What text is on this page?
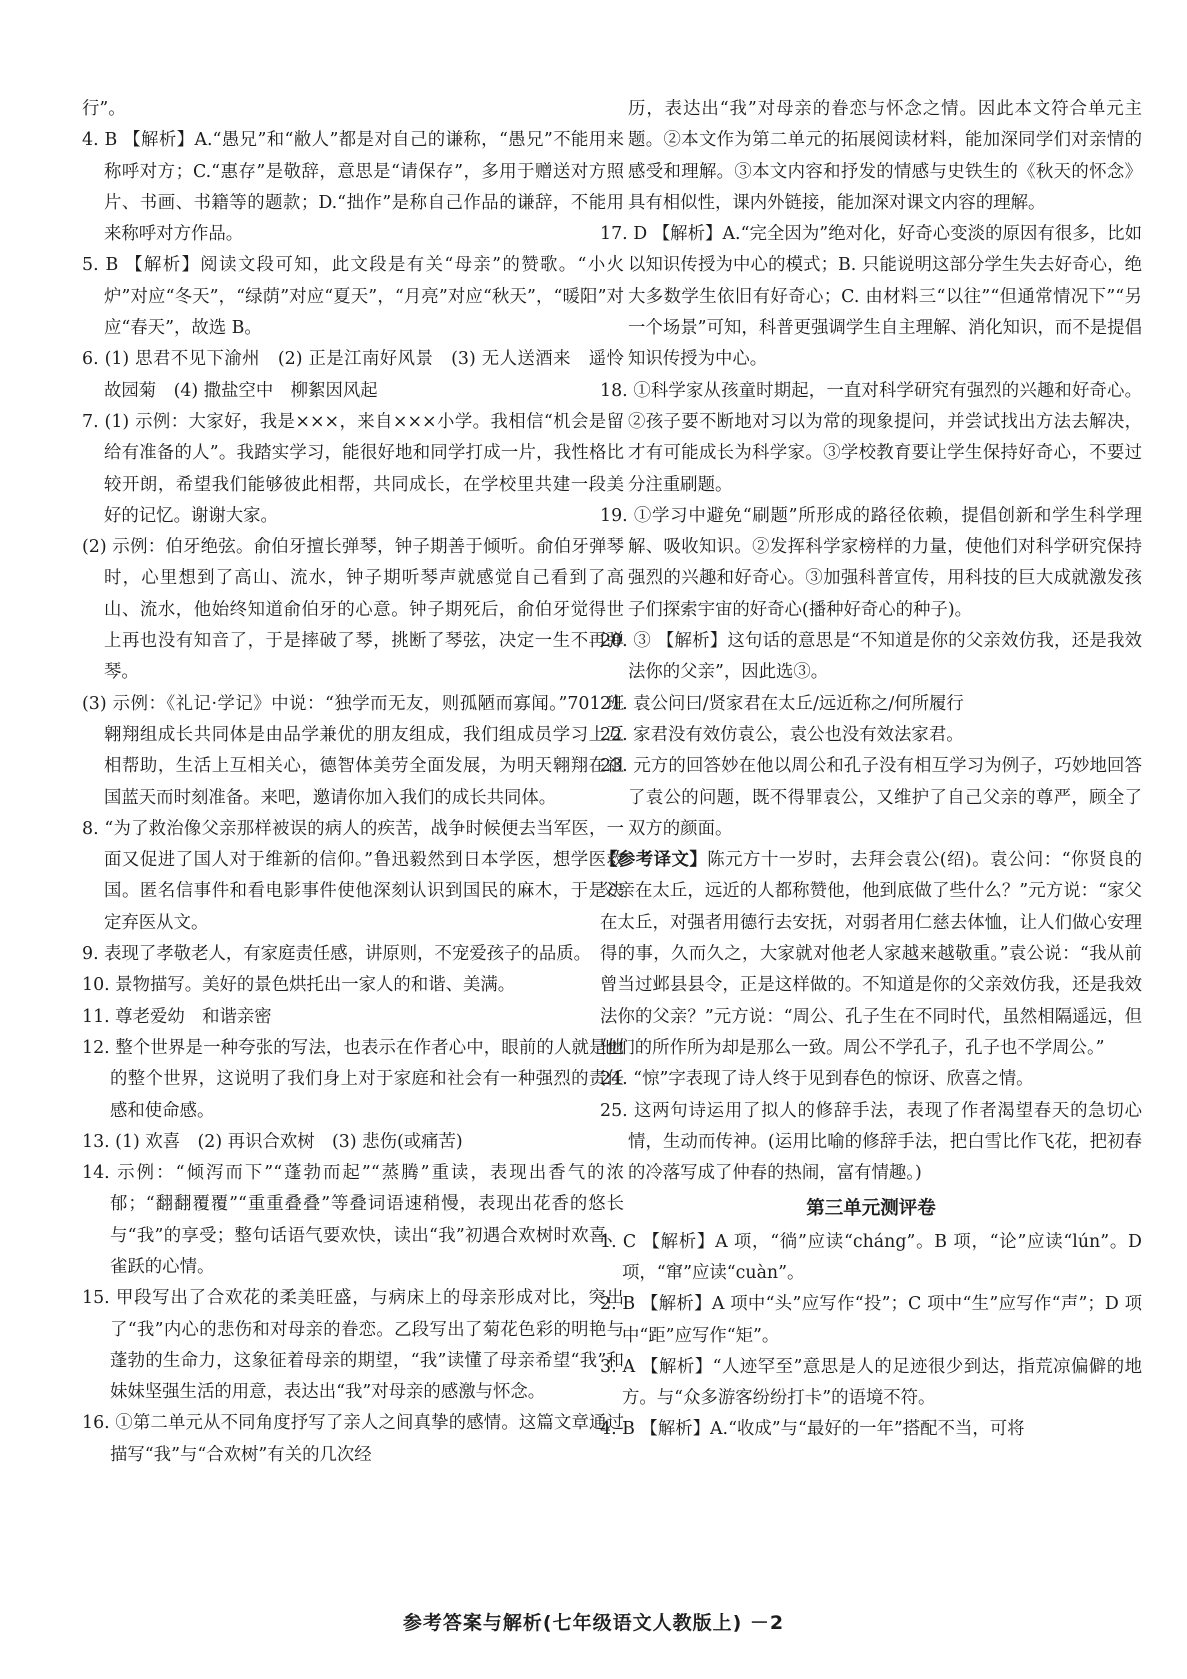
行”。

4. B 【解析】A.“愚兄”和“敝人”都是对自己的谦称，“愚兄”不能用来称呼对方；C.“惠存”是敬辞，意思是“请保存”，多用于赠送对方照片、书画、书籍等的题款；D.“拙作”是称自己作品的谦辞，不能用来称呼对方作品。

5. B 【解析】阅读文段可知，此文段是有关“母亲”的赞歌。“小火炉”对应“冬天”，“绿荫”对应“夏天”，“月亮”对应“秋天”，“暖阳”对应“春天”，故选 B。

6. (1) 思君不见下渝州　(2) 正是江南好风景　(3) 无人送酒来　遥怜故园菊　(4) 撒盐空中　柳絮因风起

7. (1) 示例：大家好，我是×××，来自×××小学。我相信“机会是留给有准备的人”。我踏实学习，能很好地和同学打成一片，我性格比较开朗，希望我们能够彼此相帮，共同成长，在学校里共建一段美好的记忆。谢谢大家。

(2) 示例：伯牙绝弦。俞伯牙擅长弹琴，钟子期善于倾听。俞伯牙弹琴时，心里想到了高山、流水，钟子期听琴声就感觉自己看到了高山、流水，他始终知道俞伯牙的心意。钟子期死后，俞伯牙觉得世上再也没有知音了，于是摔破了琴，挑断了琴弦，决定一生不再弹琴。

(3) 示例：《礼记·学记》中说：“独学而无友，则孤陋而寡闻。”701 班翱翔组成长共同体是由品学兼优的朋友组成，我们组成员学习上互相帮助，生活上互相关心，德智体美劳全面发展，为明天翱翔在祖国蓝天而时刻准备。来吧，邀请你加入我们的成长共同体。

8. “为了救治像父亲那样被误的病人的疾苦，战争时候便去当军医，一面又促进了国人对于维新的信仰。”鲁迅毅然到日本学医，想学医救国。匿名信事件和看电影事件使他深刻认识到国民的麻木，于是决定弃医从文。

9. 表现了孝敬老人，有家庭责任感，讲原则，不宠爱孩子的品质。

10. 景物描写。美好的景色烘托出一家人的和谐、美满。

11. 尊老爱幼　和谐亲密

12. 整个世界是一种夸张的写法，也表示在作者心中，眼前的人就是他的整个世界，这说明了我们身上对于家庭和社会有一种强烈的责任感和使命感。

13. (1) 欢喜　(2) 再识合欢树　(3) 悲伤(或痛苦)

14. 示例：“倾泻而下”“蓬勃而起”“蒸腾”重读，表现出香气的浓郁；“翻翻覆覆”“重重叠叠”等叠词语速稍慢，表现出花香的悠长与“我”的享受；整句话语气要欢快，读出“我”初遇合欢树时欢喜、雀跃的心情。

15. 甲段写出了合欢花的柔美旺盛，与病床上的母亲形成对比，突出了“我”内心的悲伤和对母亲的眷恋。乙段写出了菊花色彩的明艳与蓬勃的生命力，这象征着母亲的期望，“我”读懂了母亲希望“我”和妹妹坚强生活的用意，表达出“我”对母亲的感激与怀念。

16. ①第二单元从不同角度抒写了亲人之间真挚的感情。这篇文章通过描写“我”与“合欢树”有关的几次经

历，表达出“我”对母亲的眷恋与怀念之情。因此本文符合单元主题。②本文作为第二单元的拓展阅读材料，能加深同学们对亲情的感受和理解。③本文内容和抒发的情感与史铁生的《秋天的怀念》具有相似性，课内外链接，能加深对课文内容的理解。

17. D 【解析】A.“完全因为”绝对化，好奇心变淡的原因有很多，比如以知识传授为中心的模式；B. 只能说明这部分学生失去好奇心，绝大多数学生依旧有好奇心；C. 由材料三“以往”“但通常情况下”“另一个场景”可知，科普更强调学生自主理解、消化知识，而不是提倡知识传授为中心。

18. ①科学家从孩童时期起，一直对科学研究有强烈的兴趣和好奇心。②孩子要不断地对习以为常的现象提问，并尝试找出方法去解决，才有可能成长为科学家。③学校教育要让学生保持好奇心，不要过分注重刷题。

19. ①学习中避免“刷题”所形成的路径依赖，提倡创新和学生科学理解、吸收知识。②发挥科学家榜样的力量，使他们对科学研究保持强烈的兴趣和好奇心。③加强科普宣传，用科技的巨大成就激发孩子们探索宇宙的好奇心(播种好奇心的种子)。

20. ③ 【解析】这句话的意思是“不知道是你的父亲效仿我，还是我效法你的父亲”，因此选③。

21. 袁公问曰/贤家君在太丘/远近称之/何所履行

22. 家君没有效仿袁公，袁公也没有效法家君。

23. 元方的回答妙在他以周公和孔子没有相互学习为例子，巧妙地回答了袁公的问题，既不得罪袁公，又维护了自己父亲的尊严，顾全了双方的颜面。

【参考译文】陈元方十一岁时，去拜会袁公(绍)。袁公问：“你贤良的父亲在太丘，远近的人都称赞他，他到底做了些什么？”元方说：“家父在太丘，对强者用德行去安抚，对弱者用仁慈去体恤，让人们做心安理得的事，久而久之，大家就对他老人家越来越敬重。”袁公说：“我从前曾当过邺县县令，正是这样做的。不知道是你的父亲效仿我，还是我效法你的父亲？”元方说：“周公、孔子生在不同时代，虽然相隔遥远，但他们的所作所为却是那么一致。周公不学孔子，孔子也不学周公。”

24. “惊”字表现了诗人终于见到春色的惊讶、欣喜之情。

25. 这两句诗运用了拟人的修辞手法，表现了作者渴望春天的急切心情，生动而传神。(运用比喻的修辞手法，把白雪比作飞花，把初春的冷落写成了仲春的热闹，富有情趣。)

第三单元测评卷

1. C 【解析】A 项，“徜”应读“cháng”。B 项，“论”应读“lún”。D 项，“窜”应读“cuàn”。

2. B 【解析】A 项中“头”应写作“投”；C 项中“生”应写作“声”；D 项中“距”应写作“矩”。

3. A 【解析】“人迹罕至”意思是人的足迹很少到达，指荒凉偏僻的地方。与“众多游客纷纷打卡”的语境不符。

4. B 【解析】A.“收成”与“最好的一年”搭配不当，可将

参考答案与解析(七年级语文人教版上) －2
